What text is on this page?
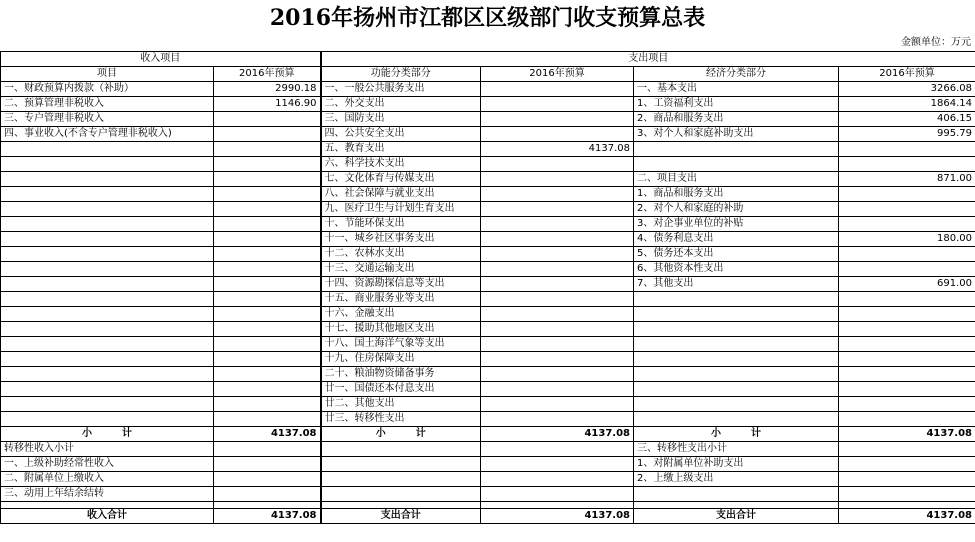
2016年扬州市江都区区级部门收支预算总表
金额单位：万元
收入项目		支出项目			
项目	2016年预算	功能分类部分	2016年预算	经济分类部分	2016年预算
一、财政预算内拨款（补助）	2990.18	一、一般公共服务支出		一、基本支出	3266.08
二、预算管理非税收入	1146.90	二、外交支出		1、工资福利支出	1864.14
三、专户管理非税收入		三、国防支出		2、商品和服务支出	406.15
四、事业收入(不含专户管理非税收入)		四、公共安全支出		3、对个人和家庭补助支出	995.79
		五、教育支出	4137.08		
		六、科学技术支出			
		七、文化体育与传媒支出		二、项目支出	871.00
		八、社会保障与就业支出		1、商品和服务支出	
		九、医疗卫生与计划生育支出		2、对个人和家庭的补助	
		十、节能环保支出		3、对企事业单位的补贴	
		十一、城乡社区事务支出		4、债务利息支出	180.00
		十二、农林水支出		5、债务还本支出	
		十三、交通运输支出		6、其他资本性支出	
		十四、资源勘探信息等支出		7、其他支出	691.00
		十五、商业服务业等支出			
		十六、金融支出			
		十七、援助其他地区支出			
		十八、国土海洋气象等支出			
		十九、住房保障支出			
		二十、粮油物资储备事务			
		廿一、国债还本付息支出			
		廿二、其他支出			
		廿三、转移性支出			
小　　　计	4137.08	小　　　计	4137.08	小　　　计	4137.08
转移性收入小计				三、转移性支出小计	
一、上级补助经常性收入				1、对附属单位补助支出	
二、附属单位上缴收入				2、上缴上级支出	
三、动用上年结余结转					

收入合计	4137.08	支出合计	4137.08	支出合计	4137.08
